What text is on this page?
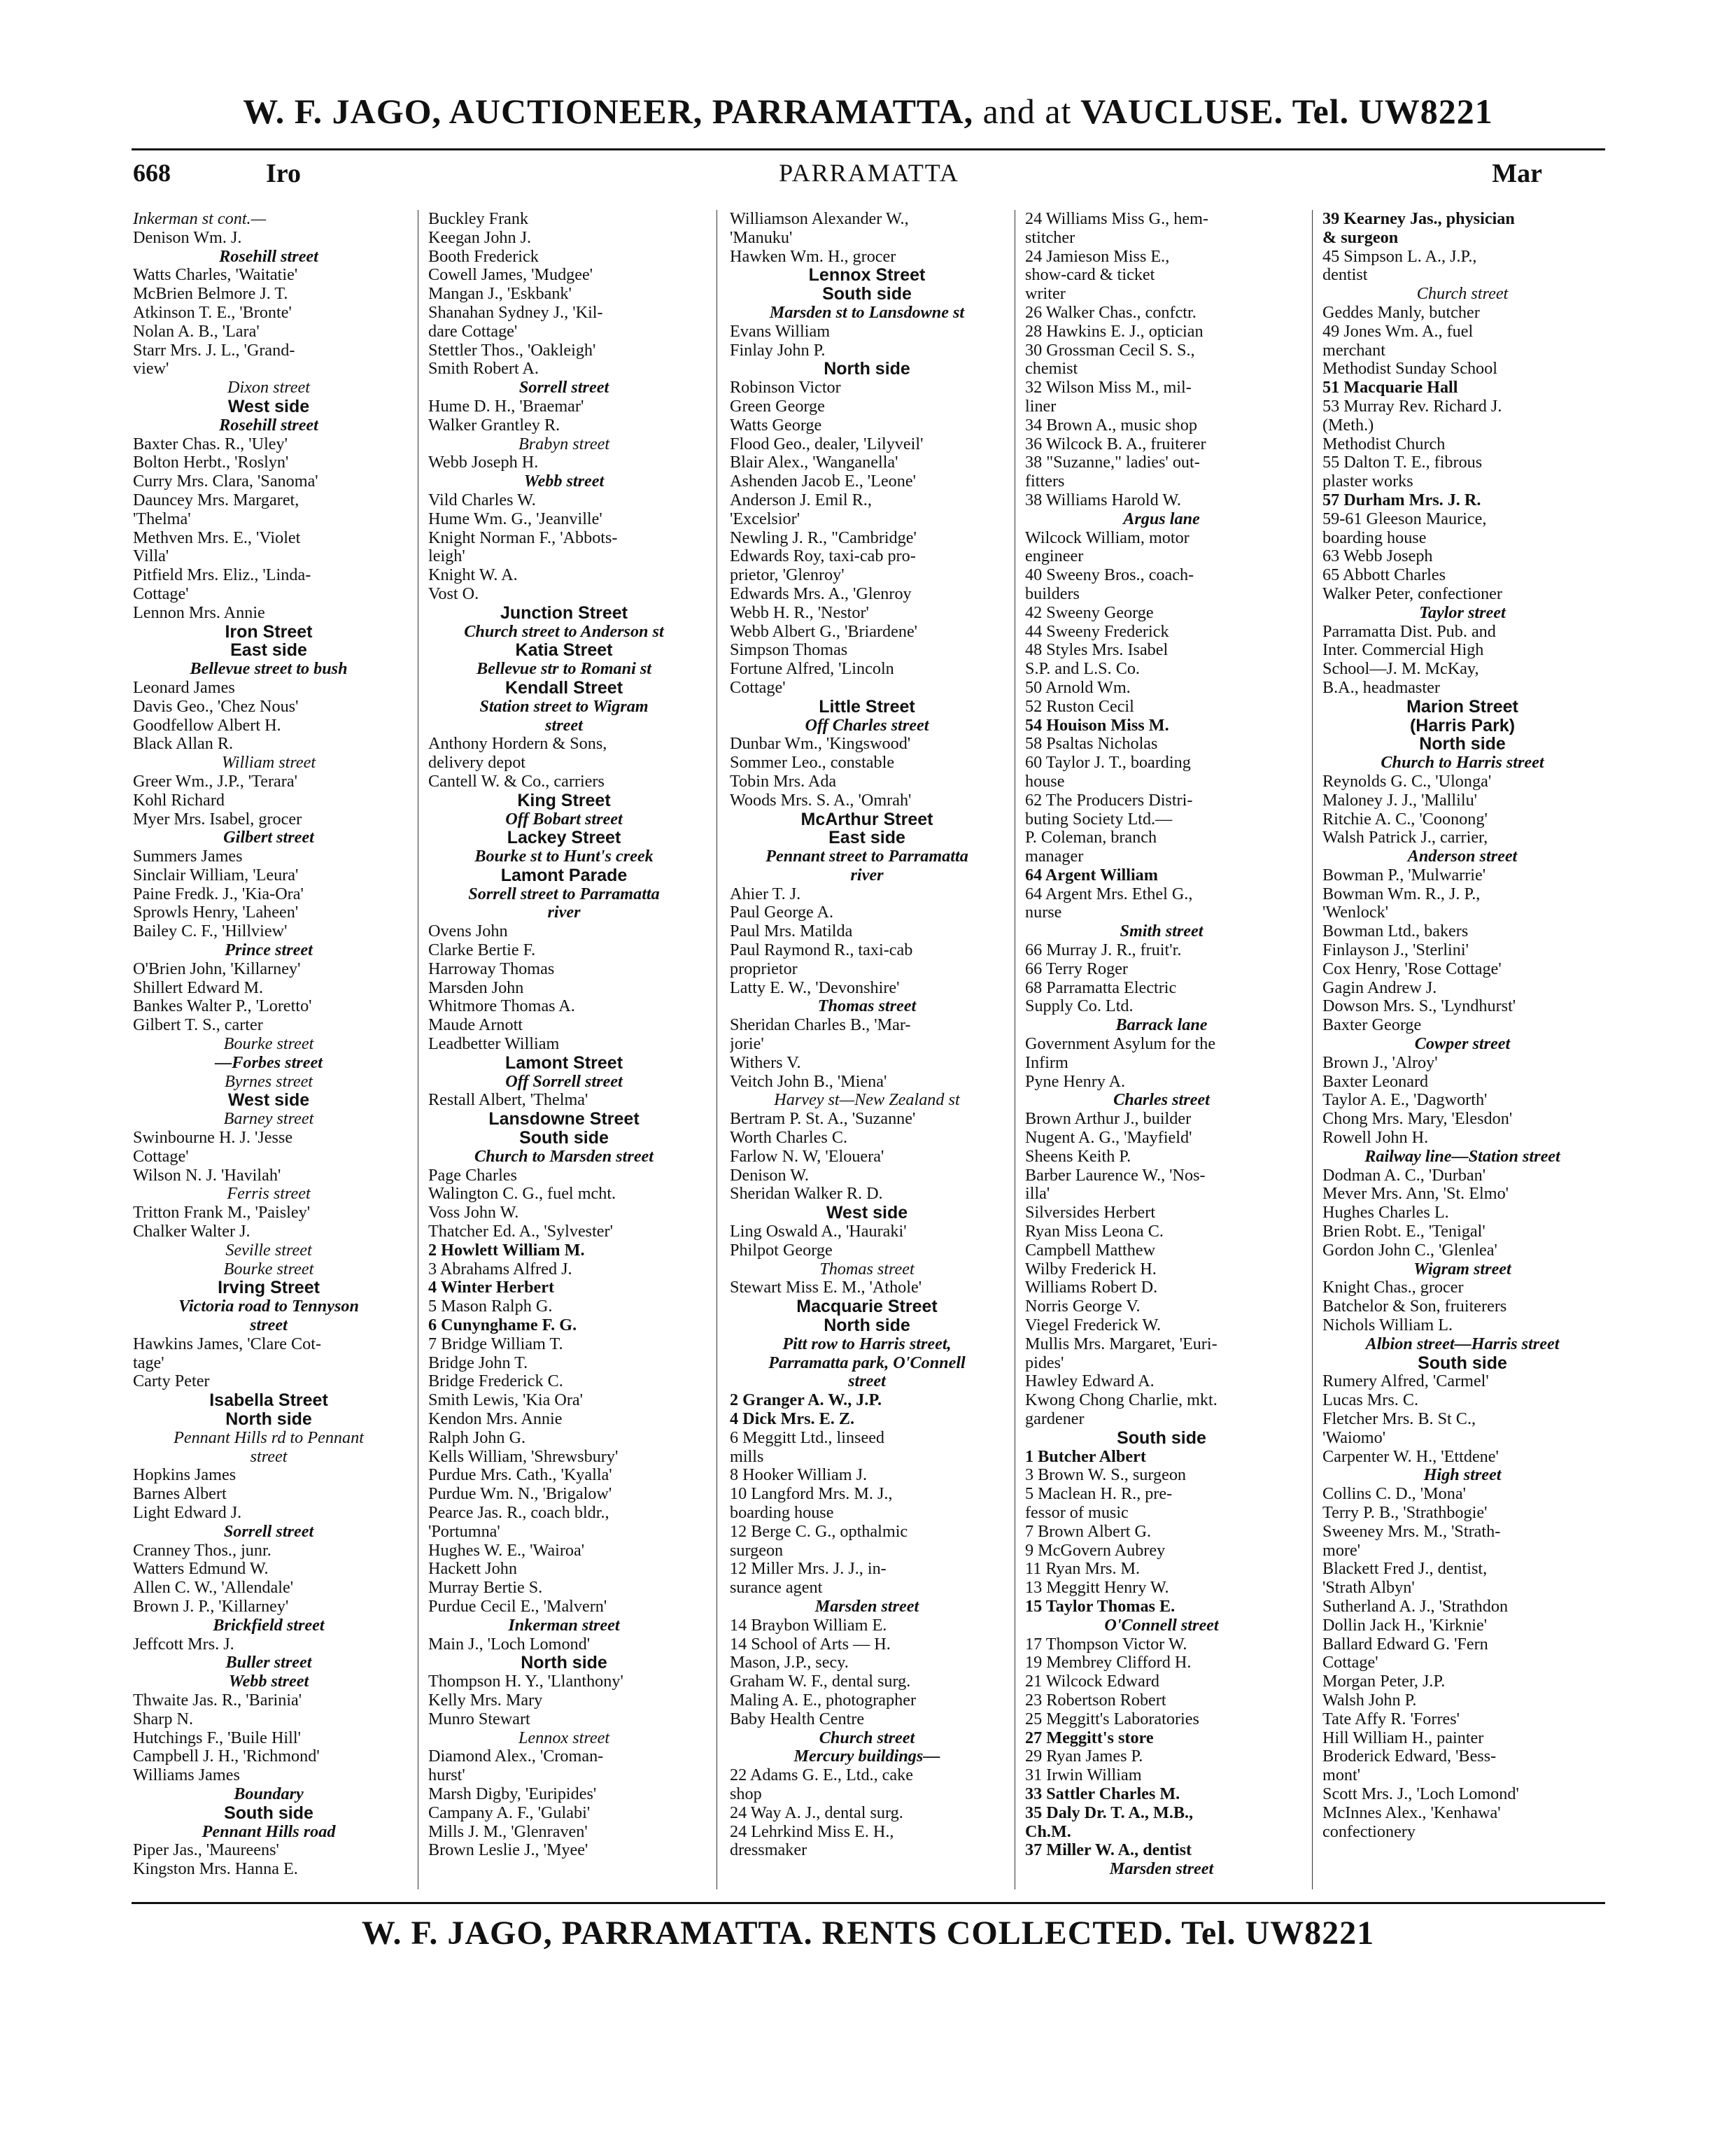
W. F. JAGO, AUCTIONEER, PARRAMATTA, and at VAUCLUSE. Tel. UW8221
668	Iro	PARRAMATTA	Mar
Inkerman st cont.—
Denison Wm. J.
Rosehill street
Watts Charles, 'Waitatie'
McBrien Belmore J. T.
Atkinson T. E., 'Bronte'
Nolan A. B., 'Lara'
Starr Mrs. J. L., 'Grand-
view'
Dixon street
West side
Rosehill street
Baxter Chas. R., 'Uley'
Bolton Herbt., 'Roslyn'
Curry Mrs. Clara, 'Sanoma'
Dauncey Mrs. Margaret,
'Thelma'
Methven Mrs. E., 'Violet
Villa'
Pitfield Mrs. Eliz., 'Linda-
Cottage'
Lennon Mrs. Annie
Iron Street
East side
Bellevue street to bush
Leonard James
Davis Geo., 'Chez Nous'
Goodfellow Albert H.
Black Allan R.
William street
Greer Wm., J.P., 'Terara'
Kohl Richard
Myer Mrs. Isabel, grocer
Gilbert street
Summers James
Sinclair William, 'Leura'
Paine Fredk. J., 'Kia-Ora'
Sprowls Henry, 'Laheen'
Bailey C. F., 'Hillview'
Prince street
O'Brien John, 'Killarney'
Shillert Edward M.
Bankes Walter P., 'Loretto'
Gilbert T. S., carter
Bourke street
—Forbes street
Byrnes street
West side
Barney street
Swinbourne H. J. 'Jesse
Cottage'
Wilson N. J. 'Havilah'
Ferris street
Tritton Frank M., 'Paisley'
Chalker Walter J.
Seville street
Bourke street
Irving Street
Victoria road to Tennyson
street
Hawkins James, 'Clare Cot-
tage'
Carty Peter
Isabella Street
North side
Pennant Hills rd to Pennant
street
Hopkins James
Barnes Albert
Light Edward J.
Sorrell street
Cranney Thos., junr.
Watters Edmund W.
Allen C. W., 'Allendale'
Brown J. P., 'Killarney'
Brickfield street
Jeffcott Mrs. J.
Buller street
Webb street
Thwaite Jas. R., 'Barinia'
Sharp N.
Hutchings F., 'Buile Hill'
Campbell J. H., 'Richmond'
Williams James
Boundary
South side
Pennant Hills road
Piper Jas., 'Maureens'
Kingston Mrs. Hanna E.
Buckley Frank
Keegan John J.
Booth Frederick
Cowell James, 'Mudgee'
Mangan J., 'Eskbank'
Shanahan Sydney J., 'Kil-
dare Cottage'
Stettler Thos., 'Oakleigh'
Smith Robert A.
Sorrell street
Hume D. H., 'Braemar'
Walker Grantley R.
Brabyn street
Webb Joseph H.
Webb street
Vild Charles W.
Hume Wm. G., 'Jeanville'
Knight Norman F., 'Abbots-
leigh'
Knight W. A.
Vost O.
Junction Street
Church street to Anderson st
Katia Street
Bellevue str to Romani st
Kendall Street
Station street to Wigram
street
Anthony Hordern & Sons,
delivery depot
Cantell W. & Co., carriers
King Street
Off Bobart street
Lackey Street
Bourke st to Hunt's creek
Lamont Parade
Sorrell street to Parramatta
river
Ovens John
Clarke Bertie F.
Harroway Thomas
Marsden John
Whitmore Thomas A.
Maude Arnott
Leadbetter William
Lamont Street
Off Sorrell street
Restall Albert, 'Thelma'
Lansdowne Street
South side
Church to Marsden street
Page Charles
Walington C. G., fuel mcht.
Voss John W.
Thatcher Ed. A., 'Sylvester'
2 Howlett William M.
3 Abrahams Alfred J.
4 Winter Herbert
5 Mason Ralph G.
6 Cunynghame F. G.
7 Bridge William T.
Bridge John T.
Bridge Frederick C.
Smith Lewis, 'Kia Ora'
Kendon Mrs. Annie
Ralph John G.
Kells William, 'Shrewsbury'
Purdue Mrs. Cath., 'Kyalla'
Purdue Wm. N., 'Brigalow'
Pearce Jas. R., coach bldr.,
'Portumna'
Hughes W. E., 'Wairoa'
Hackett John
Murray Bertie S.
Purdue Cecil E., 'Malvern'
Inkerman street
Main J., 'Loch Lomond'
North side
Thompson H. Y., 'Llanthony'
Kelly Mrs. Mary
Munro Stewart
Lennox street
Diamond Alex., 'Croman-
hurst'
Marsh Digby, 'Euripides'
Campany A. F., 'Gulabi'
Mills J. M., 'Glenraven'
Brown Leslie J., 'Myee'
Williamson Alexander W.,
'Manuku'
Hawken Wm. H., grocer
Lennox Street
South side
Marsden st to Lansdowne st
Evans William
Finlay John P.
North side
Robinson Victor
Green George
Watts George
Flood Geo., dealer, 'Lilyveil'
Blair Alex., 'Wanganella'
Ashenden Jacob E., 'Leone'
Anderson J. Emil R.,
'Excelsior'
Newling J. R., "Cambridge'
Edwards Roy, taxi-cab pro-
prietor, 'Glenroy'
Edwards Mrs. A., 'Glenroy
Webb H. R., 'Nestor'
Webb Albert G., 'Briardene'
Simpson Thomas
Fortune Alfred, 'Lincoln
Cottage'
Little Street
Off Charles street
Dunbar Wm., 'Kingswood'
Sommer Leo., constable
Tobin Mrs. Ada
Woods Mrs. S. A., 'Omrah'
McArthur Street
East side
Pennant street to Parramatta
river
Ahier T. J.
Paul George A.
Paul Mrs. Matilda
Paul Raymond R., taxi-cab
proprietor
Latty E. W., 'Devonshire'
Thomas street
Sheridan Charles B., 'Mar-
jorie'
Withers V.
Veitch John B., 'Miena'
Harvey st—New Zealand st
Bertram P. St. A., 'Suzanne'
Worth Charles C.
Farlow N. W, 'Elouera'
Denison W.
Sheridan Walker R. D.
West side
Ling Oswald A., 'Hauraki'
Philpot George
Thomas street
Stewart Miss E. M., 'Athole'
Macquarie Street
North side
Pitt row to Harris street,
Parramatta park, O'Connell
street
2 Granger A. W., J.P.
4 Dick Mrs. E. Z.
6 Meggitt Ltd., linseed
mills
8 Hooker William J.
10 Langford Mrs. M. J.,
boarding house
12 Berge C. G., opthalmic
surgeon
12 Miller Mrs. J. J., in-
surance agent
Marsden street
14 Braybon William E.
14 School of Arts — H.
Mason, J.P., secy.
Graham W. F., dental surg.
Maling A. E., photographer
Baby Health Centre
Church street
Mercury buildings—
22 Adams G. E., Ltd., cake
shop
24 Way A. J., dental surg.
24 Lehrkind Miss E. H.,
dressmaker
24 Williams Miss G., hem-
stitcher
24 Jamieson Miss E.,
show-card & ticket
writer
26 Walker Chas., confctr.
28 Hawkins E. J., optician
30 Grossman Cecil S. S.,
chemist
32 Wilson Miss M., mil-
liner
34 Brown A., music shop
36 Wilcock B. A., fruiterer
38 "Suzanne," ladies' out-
fitters
38 Williams Harold W.
Argus lane
Wilcock William, motor
engineer
40 Sweeny Bros., coach-
builders
42 Sweeny George
44 Sweeny Frederick
48 Styles Mrs. Isabel
S.P. and L.S. Co.
50 Arnold Wm.
52 Ruston Cecil
54 Houison Miss M.
58 Psaltas Nicholas
60 Taylor J. T., boarding
house
62 The Producers Distri-
buting Society Ltd.—
P. Coleman, branch
manager
64 Argent William
64 Argent Mrs. Ethel G.,
nurse
Smith street
66 Murray J. R., fruit'r.
66 Terry Roger
68 Parramatta Electric
Supply Co. Ltd.
Barrack lane
Government Asylum for the
Infirm
Pyne Henry A.
Charles street
Brown Arthur J., builder
Nugent A. G., 'Mayfield'
Sheens Keith P.
Barber Laurence W., 'Nos-
illa'
Silversides Herbert
Ryan Miss Leona C.
Campbell Matthew
Wilby Frederick H.
Williams Robert D.
Norris George V.
Viegel Frederick W.
Mullis Mrs. Margaret, 'Euri-
pides'
Hawley Edward A.
Kwong Chong Charlie, mkt.
gardener
South side
1 Butcher Albert
3 Brown W. S., surgeon
5 Maclean H. R., pre-
fessor of music
7 Brown Albert G.
9 McGovern Aubrey
11 Ryan Mrs. M.
13 Meggitt Henry W.
15 Taylor Thomas E.
O'Connell street
17 Thompson Victor W.
19 Membrey Clifford H.
21 Wilcock Edward
23 Robertson Robert
25 Meggitt's Laboratories
27 Meggitt's store
29 Ryan James P.
31 Irwin William
33 Sattler Charles M.
35 Daly Dr. T. A., M.B.,
Ch.M.
37 Miller W. A., dentist
Marsden street
39 Kearney Jas., physician
& surgeon
45 Simpson L. A., J.P.,
dentist
Church street
Geddes Manly, butcher
49 Jones Wm. A., fuel
merchant
Methodist Sunday School
51 Macquarie Hall
53 Murray Rev. Richard J.
(Meth.)
Methodist Church
55 Dalton T. E., fibrous
plaster works
57 Durham Mrs. J. R.
59-61 Gleeson Maurice,
boarding house
63 Webb Joseph
65 Abbott Charles
Walker Peter, confectioner
Taylor street
Parramatta Dist. Pub. and
Inter. Commercial High
School—J. M. McKay,
B.A., headmaster
Marion Street
(Harris Park)
North side
Church to Harris street
Reynolds G. C., 'Ulonga'
Maloney J. J., 'Mallilu'
Ritchie A. C., 'Coonong'
Walsh Patrick J., carrier,
Anderson street
Bowman P., 'Mulwarrie'
Bowman Wm. R., J. P.,
'Wenlock'
Bowman Ltd., bakers
Finlayson J., 'Sterlini'
Cox Henry, 'Rose Cottage'
Gagin Andrew J.
Dowson Mrs. S., 'Lyndhurst'
Baxter George
Cowper street
Brown J., 'Alroy'
Baxter Leonard
Taylor A. E., 'Dagworth'
Chong Mrs. Mary, 'Elesdon'
Rowell John H.
Railway line—Station street
Dodman A. C., 'Durban'
Mever Mrs. Ann, 'St. Elmo'
Hughes Charles L.
Brien Robt. E., 'Tenigal'
Gordon John C., 'Glenlea'
Wigram street
Knight Chas., grocer
Batchelor & Son, fruiterers
Nichols William L.
Albion street—Harris street
South side
Rumery Alfred, 'Carmel'
Lucas Mrs. C.
Fletcher Mrs. B. St C.,
'Waiomo'
Carpenter W. H., 'Ettdene'
High street
Collins C. D., 'Mona'
Terry P. B., 'Strathbogie'
Sweeney Mrs. M., 'Strath-
more'
Blackett Fred J., dentist,
'Strath Albyn'
Sutherland A. J., 'Strathdon
Dollin Jack H., 'Kirknie'
Ballard Edward G. 'Fern
Cottage'
Morgan Peter, J.P.
Walsh John P.
Tate Affy R. 'Forres'
Hill William H., painter
Broderick Edward, 'Bess-
mont'
Scott Mrs. J., 'Loch Lomond'
McInnes Alex., 'Kenhawa'
confectionery
W. F. JAGO, PARRAMATTA. RENTS COLLECTED. Tel. UW8221
